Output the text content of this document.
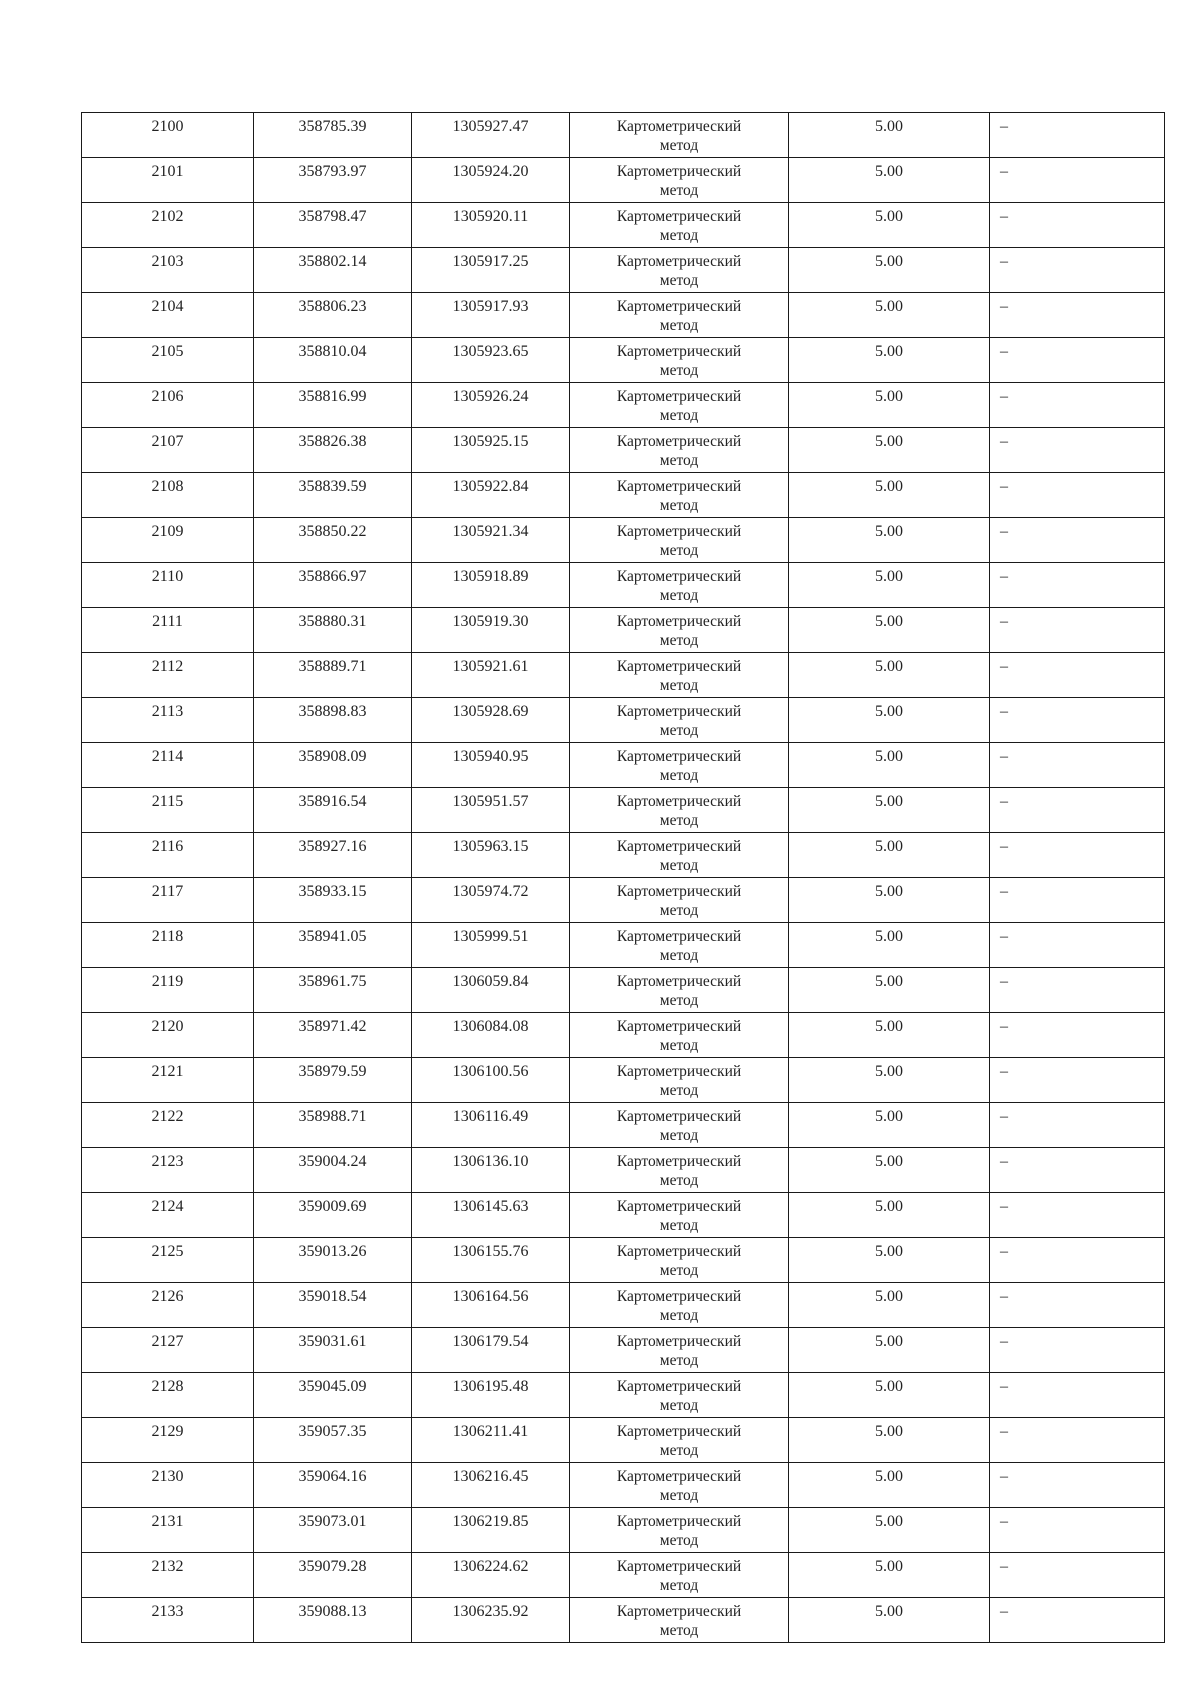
2100	358785.39	1305927.47	Картометрический
метод	5.00	–
2101	358793.97	1305924.20	Картометрический
метод	5.00	–
2102	358798.47	1305920.11	Картометрический
метод	5.00	–
2103	358802.14	1305917.25	Картометрический
метод	5.00	–
2104	358806.23	1305917.93	Картометрический
метод	5.00	–
2105	358810.04	1305923.65	Картометрический
метод	5.00	–
2106	358816.99	1305926.24	Картометрический
метод	5.00	–
2107	358826.38	1305925.15	Картометрический
метод	5.00	–
2108	358839.59	1305922.84	Картометрический
метод	5.00	–
2109	358850.22	1305921.34	Картометрический
метод	5.00	–
2110	358866.97	1305918.89	Картометрический
метод	5.00	–
2111	358880.31	1305919.30	Картометрический
метод	5.00	–
2112	358889.71	1305921.61	Картометрический
метод	5.00	–
2113	358898.83	1305928.69	Картометрический
метод	5.00	–
2114	358908.09	1305940.95	Картометрический
метод	5.00	–
2115	358916.54	1305951.57	Картометрический
метод	5.00	–
2116	358927.16	1305963.15	Картометрический
метод	5.00	–
2117	358933.15	1305974.72	Картометрический
метод	5.00	–
2118	358941.05	1305999.51	Картометрический
метод	5.00	–
2119	358961.75	1306059.84	Картометрический
метод	5.00	–
2120	358971.42	1306084.08	Картометрический
метод	5.00	–
2121	358979.59	1306100.56	Картометрический
метод	5.00	–
2122	358988.71	1306116.49	Картометрический
метод	5.00	–
2123	359004.24	1306136.10	Картометрический
метод	5.00	–
2124	359009.69	1306145.63	Картометрический
метод	5.00	–
2125	359013.26	1306155.76	Картометрический
метод	5.00	–
2126	359018.54	1306164.56	Картометрический
метод	5.00	–
2127	359031.61	1306179.54	Картометрический
метод	5.00	–
2128	359045.09	1306195.48	Картометрический
метод	5.00	–
2129	359057.35	1306211.41	Картометрический
метод	5.00	–
2130	359064.16	1306216.45	Картометрический
метод	5.00	–
2131	359073.01	1306219.85	Картометрический
метод	5.00	–
2132	359079.28	1306224.62	Картометрический
метод	5.00	–
2133	359088.13	1306235.92	Картометрический
метод	5.00	–
